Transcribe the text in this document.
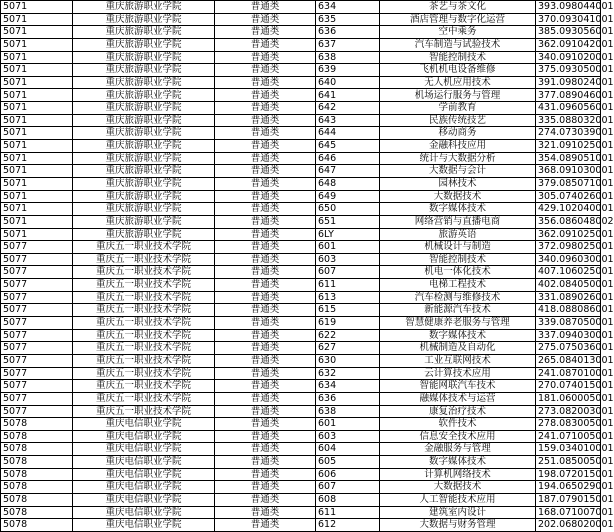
5071	重庆旅游职业学院	普通类	634	茶艺与茶文化	393.098044001
5071	重庆旅游职业学院	普通类	635	酒店管理与数字化运营	370.093041001
5071	重庆旅游职业学院	普通类	636	空中乘务	385.093056001
5071	重庆旅游职业学院	普通类	637	汽车制造与试验技术	362.091042001
5071	重庆旅游职业学院	普通类	638	智能控制技术	340.091020001
5071	重庆旅游职业学院	普通类	639	飞机机电设备维修	375.093050001
5071	重庆旅游职业学院	普通类	640	无人机应用技术	391.098024001
5071	重庆旅游职业学院	普通类	641	机场运行服务与管理	377.089046001
5071	重庆旅游职业学院	普通类	642	学前教育	431.096056001
5071	重庆旅游职业学院	普通类	643	民族传统技艺	335.088032001
5071	重庆旅游职业学院	普通类	644	移动商务	274.073039001
5071	重庆旅游职业学院	普通类	645	金融科技应用	321.091025001
5071	重庆旅游职业学院	普通类	646	统计与大数据分析	354.089051001
5071	重庆旅游职业学院	普通类	647	大数据与会计	368.091030001
5071	重庆旅游职业学院	普通类	648	园林技术	379.085071001
5071	重庆旅游职业学院	普通类	649	大数据技术	305.074026001
5071	重庆旅游职业学院	普通类	650	数字媒体技术	429.102040001
5071	重庆旅游职业学院	普通类	651	网络营销与直播电商	356.086048002
5071	重庆旅游职业学院	普通类	6LY	旅游英语	362.091025001
5077	重庆五一职业技术学院	普通类	601	机械设计与制造	372.098025001
5077	重庆五一职业技术学院	普通类	603	智能控制技术	340.096030001
5077	重庆五一职业技术学院	普通类	607	机电一体化技术	407.106025001
5077	重庆五一职业技术学院	普通类	611	电梯工程技术	402.084050001
5077	重庆五一职业技术学院	普通类	613	汽车检测与维修技术	331.089026001
5077	重庆五一职业技术学院	普通类	615	新能源汽车技术	418.088086001
5077	重庆五一职业技术学院	普通类	619	智慧健康养老服务与管理	339.087050001
5077	重庆五一职业技术学院	普通类	622	数字媒体技术	337.094030001
5077	重庆五一职业技术学院	普通类	627	机械制造及自动化	275.075036001
5077	重庆五一职业技术学院	普通类	630	工业互联网技术	265.084013001
5077	重庆五一职业技术学院	普通类	632	云计算技术应用	241.087010001
5077	重庆五一职业技术学院	普通类	634	智能网联汽车技术	270.074015001
5077	重庆五一职业技术学院	普通类	636	融媒体技术与运营	181.060005001
5077	重庆五一职业技术学院	普通类	638	康复治疗技术	273.082003001
5078	重庆电信职业学院	普通类	601	软件技术	278.083005001
5078	重庆电信职业学院	普通类	603	信息安全技术应用	241.071005001
5078	重庆电信职业学院	普通类	604	金融服务与管理	159.034010001
5078	重庆电信职业学院	普通类	605	数字媒体技术	251.085005001
5078	重庆电信职业学院	普通类	606	计算机网络技术	198.072015001
5078	重庆电信职业学院	普通类	607	大数据技术	194.065029001
5078	重庆电信职业学院	普通类	608	人工智能技术应用	187.079015001
5078	重庆电信职业学院	普通类	611	建筑室内设计	168.071007001
5078	重庆电信职业学院	普通类	612	大数据与财务管理	202.068020001
